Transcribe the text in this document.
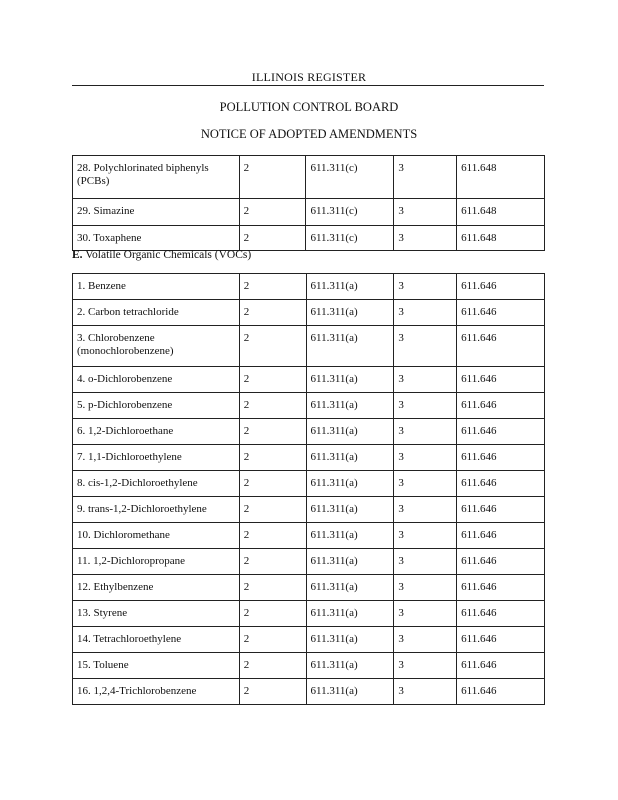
ILLINOIS REGISTER
POLLUTION CONTROL BOARD
NOTICE OF ADOPTED AMENDMENTS
28. Polychlorinated biphenyls (PCBs)	2	611.311(c)	3	611.648
29. Simazine	2	611.311(c)	3	611.648
30. Toxaphene	2	611.311(c)	3	611.648
E. Volatile Organic Chemicals (VOCs)
1. Benzene	2	611.311(a)	3	611.646
2. Carbon tetrachloride	2	611.311(a)	3	611.646
3. Chlorobenzene (monochlorobenzene)	2	611.311(a)	3	611.646
4. o-Dichlorobenzene	2	611.311(a)	3	611.646
5. p-Dichlorobenzene	2	611.311(a)	3	611.646
6. 1,2-Dichloroethane	2	611.311(a)	3	611.646
7. 1,1-Dichloroethylene	2	611.311(a)	3	611.646
8. cis-1,2-Dichloroethylene	2	611.311(a)	3	611.646
9. trans-1,2-Dichloroethylene	2	611.311(a)	3	611.646
10. Dichloromethane	2	611.311(a)	3	611.646
11. 1,2-Dichloropropane	2	611.311(a)	3	611.646
12. Ethylbenzene	2	611.311(a)	3	611.646
13. Styrene	2	611.311(a)	3	611.646
14. Tetrachloroethylene	2	611.311(a)	3	611.646
15. Toluene	2	611.311(a)	3	611.646
16. 1,2,4-Trichlorobenzene	2	611.311(a)	3	611.646
